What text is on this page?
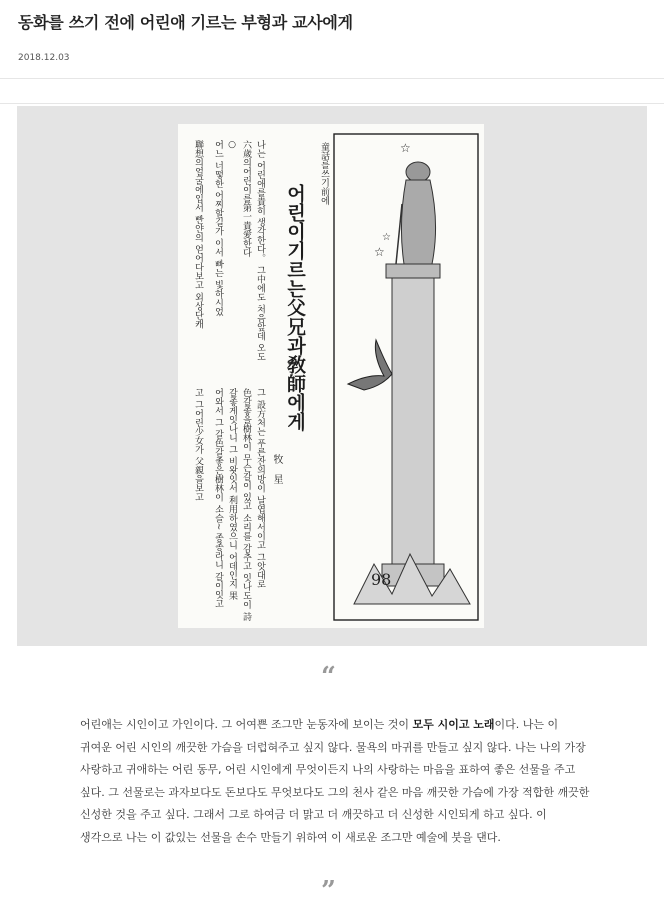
동화를 쓰기 전에 어린애 기르는 부형과 교사에게
2018.12.03
☆
☆
☆
童話를쓰기前에
어린이기르는父兄과敎師에게
牧　星
나는 어린애를貴히 생각한다。 그中에도 처음앞데 오도
六歲의어린이를第一貴愛한다
○
어느 너떻한 어찌할길가 이서 빠는 빛하시었
聯想의얼굴에입서 빤얀의 얻어다보고 외상단캐
그 設方처는 푸른잔의방이 날엽해서이고 그앗대로
色갈좋을樹林이 무슨갈이 있고 소리를 감추고 잇나도이 詩
갈좋게잇나니 그 비왓잇서 利用하였으니 어데인지 果
어와서 그 갈色갈좋은樹林이 소슬~ 종종라니 갈이잇고
고 그어린少女가 父親을보고
98
“
어린애는 시인이고 가인이다. 그 어여쁜 조그만 눈동자에 보이는 것이 모두 시이고 노래이다. 나는 이 귀여운 어린 시인의 깨끗한 가슴을 더럽혀주고 싶지 않다. 물욕의 마귀를 만들고 싶지 않다. 나는 나의 가장 사랑하고 귀애하는 어린 동무, 어린 시인에게 무엇이든지 나의 사랑하는 마음을 표하여 좋은 선물을 주고 싶다. 그 선물로는 과자보다도 돈보다도 무엇보다도 그의 천사 같은 마음 깨끗한 가슴에 가장 적합한 깨끗한 신성한 것을 주고 싶다. 그래서 그로 하여금 더 맑고 더 깨끗하고 더 신성한 시인되게 하고 싶다. 이 생각으로 나는 이 값있는 선물을 손수 만들기 위하여 이 새로운 조그만 예술에 붓을 댄다.
”
